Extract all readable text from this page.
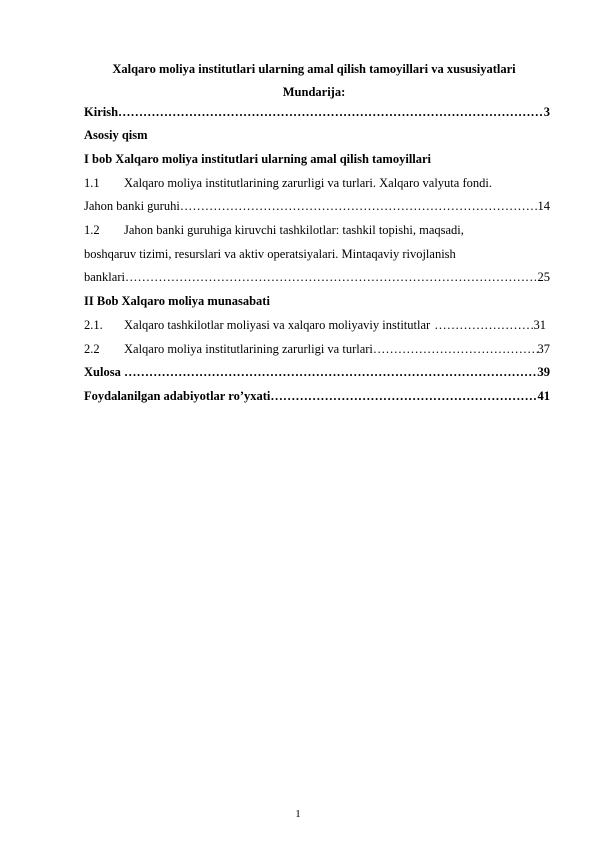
Xalqaro moliya institutlari ularning amal qilish tamoyillari va xususiyatlari
Mundarija:
Kirish ……………………………………………………………………………………………………………………………………………………………………	3
Asosiy qism
I bob Xalqaro moliya institutlari ularning amal qilish tamoyillari
1.1 Xalqaro moliya institutlarining zarurligi va turlari. Xalqaro valyuta fondi.
Jahon banki guruhi ……………………………………………………………………………………………………………………………………………………………………	14
1.2 Jahon banki guruhiga kiruvchi tashkilotlar: tashkil topishi, maqsadi,
boshqaruv tizimi, resurslari va aktiv operatsiyalari. Mintaqaviy rivojlanish
banklari ……………………………………………………………………………………………………………………………………………………………………	25
II Bob Xalqaro moliya munasabati
2.1.	Xalqaro tashkilotlar moliyasi va xalqaro moliyaviy institutlar ……………………………………………………………………………………………………………………………………………………………………	31
2.2	Xalqaro moliya institutlarining zarurligi va turlari ……………………………………………………………………………………………………………………………………………………………………	37
Xulosa ……………………………………………………………………………………………………………………………………………………………………	39
Foydalanilgan adabiyotlar ro’yxati ……………………………………………………………………………………………………………………………………………………………………	41
1
